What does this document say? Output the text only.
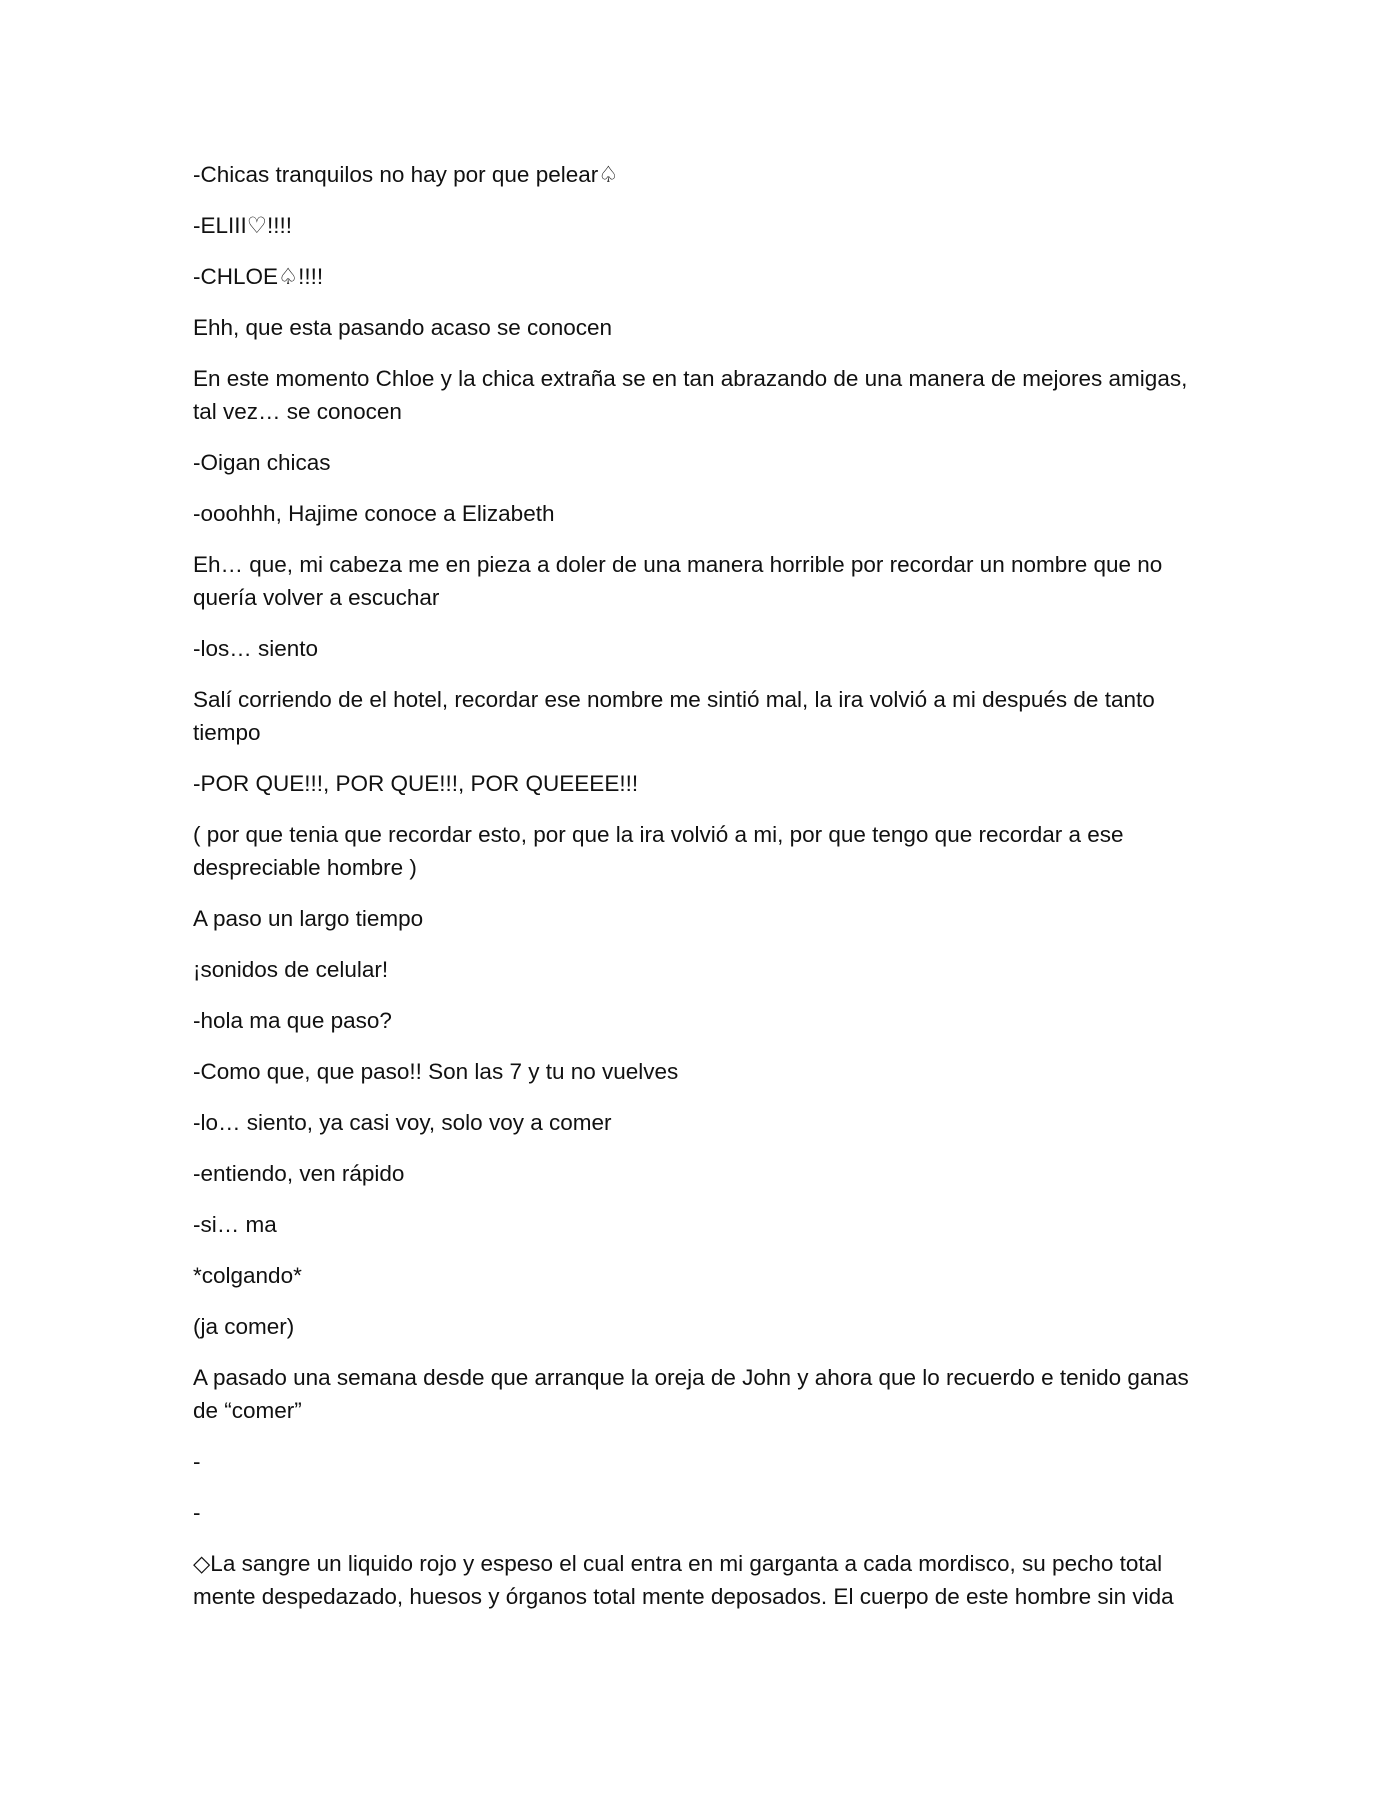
-Chicas tranquilos no hay por que pelear♤

-ELIII♡!!!!

-CHLOE♤!!!!

Ehh, que esta pasando acaso se conocen

En este momento Chloe y la chica extraña se en tan abrazando de una manera de mejores amigas, tal vez… se conocen

-Oigan chicas

-ooohhh, Hajime conoce a Elizabeth

Eh… que, mi cabeza me en pieza a doler de una manera horrible por recordar un nombre que no quería volver a escuchar

-los… siento

Salí corriendo de el hotel, recordar ese nombre me sintió mal, la ira volvió a mi después de tanto tiempo

-POR QUE!!!, POR QUE!!!, POR QUEEEE!!!

( por que tenia que recordar esto, por que la ira volvió a mi, por que tengo que recordar a ese despreciable hombre )

A paso un largo tiempo

¡sonidos de celular!

-hola ma que paso?

-Como que, que paso!! Son las 7 y tu no vuelves

-lo… siento, ya casi voy, solo voy a comer

-entiendo, ven rápido

-si… ma

*colgando*

(ja comer)

A pasado una semana desde que arranque la oreja de John y ahora que lo recuerdo e tenido ganas de “comer”

-

-

◇La sangre un liquido rojo y espeso el cual entra en mi garganta a cada mordisco, su pecho total mente despedazado, huesos y órganos total mente deposados. El cuerpo de este hombre sin vida
